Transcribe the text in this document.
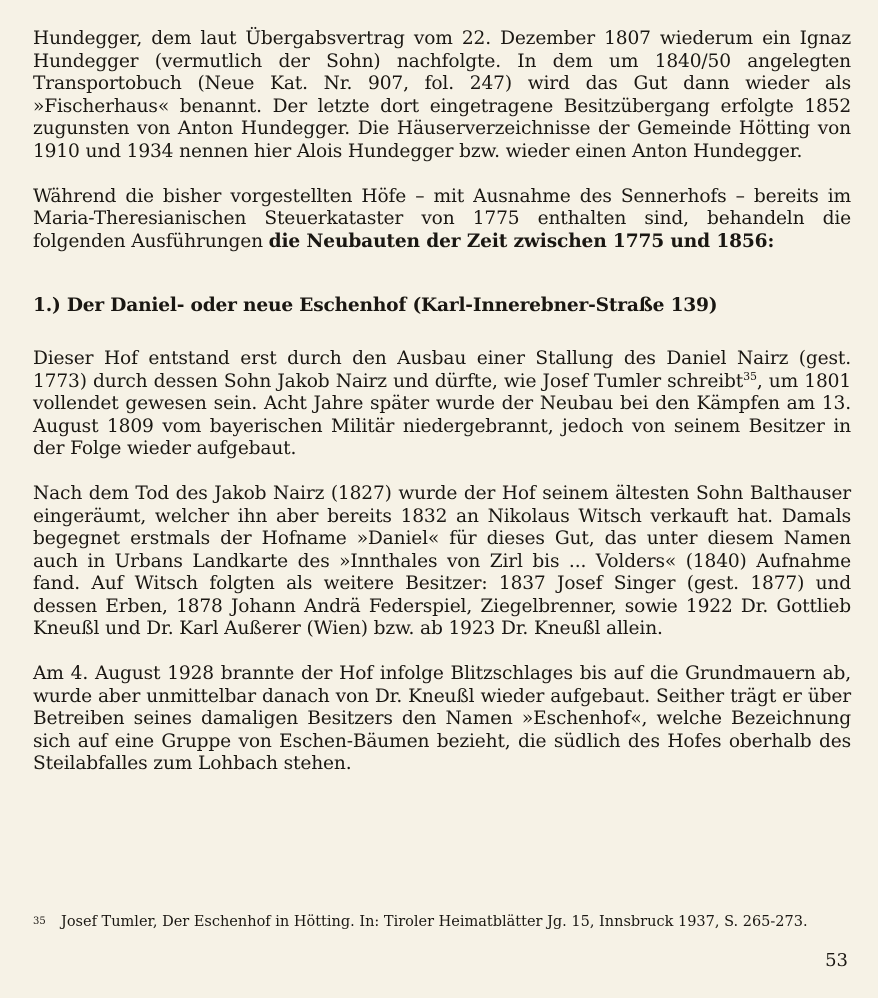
Hundegger, dem laut Übergabsvertrag vom 22. Dezember 1807 wiederum ein Ignaz Hundegger (vermutlich der Sohn) nachfolgte. In dem um 1840/50 angelegten Transportobuch (Neue Kat. Nr. 907, fol. 247) wird das Gut dann wieder als »Fischerhaus« benannt. Der letzte dort eingetragene Besitzübergang erfolgte 1852 zugunsten von Anton Hundegger. Die Häuserverzeichnisse der Gemeinde Hötting von 1910 und 1934 nennen hier Alois Hundegger bzw. wieder einen Anton Hundegger.

Während die bisher vorgestellten Höfe – mit Ausnahme des Sennerhofs – bereits im Maria-Theresianischen Steuerkataster von 1775 enthalten sind, behandeln die folgenden Ausführungen die Neubauten der Zeit zwischen 1775 und 1856:

1.) Der Daniel- oder neue Eschenhof (Karl-Innerebner-Straße 139)

Dieser Hof entstand erst durch den Ausbau einer Stallung des Daniel Nairz (gest. 1773) durch dessen Sohn Jakob Nairz und dürfte, wie Josef Tumler schreibt$^{35}$, um 1801 vollendet gewesen sein. Acht Jahre später wurde der Neubau bei den Kämpfen am 13. August 1809 vom bayerischen Militär niedergebrannt, jedoch von seinem Besitzer in der Folge wieder aufgebaut.

Nach dem Tod des Jakob Nairz (1827) wurde der Hof seinem ältesten Sohn Balthauser eingeräumt, welcher ihn aber bereits 1832 an Nikolaus Witsch verkauft hat. Damals begegnet erstmals der Hofname »Daniel« für dieses Gut, das unter diesem Namen auch in Urbans Landkarte des »Innthales von Zirl bis ... Volders« (1840) Aufnahme fand. Auf Witsch folgten als weitere Besitzer: 1837 Josef Singer (gest. 1877) und dessen Erben, 1878 Johann Andrä Federspiel, Ziegelbrenner, sowie 1922 Dr. Gottlieb Kneußl und Dr. Karl Außerer (Wien) bzw. ab 1923 Dr. Kneußl allein.

Am 4. August 1928 brannte der Hof infolge Blitzschlages bis auf die Grundmauern ab, wurde aber unmittelbar danach von Dr. Kneußl wieder aufgebaut. Seither trägt er über Betreiben seines damaligen Besitzers den Namen »Eschenhof«, welche Bezeichnung sich auf eine Gruppe von Eschen-Bäumen bezieht, die südlich des Hofes oberhalb des Steilabfalles zum Lohbach stehen.

35 Josef Tumler, Der Eschenhof in Hötting. In: Tiroler Heimatblätter Jg. 15, Innsbruck 1937, S. 265-273.
53
